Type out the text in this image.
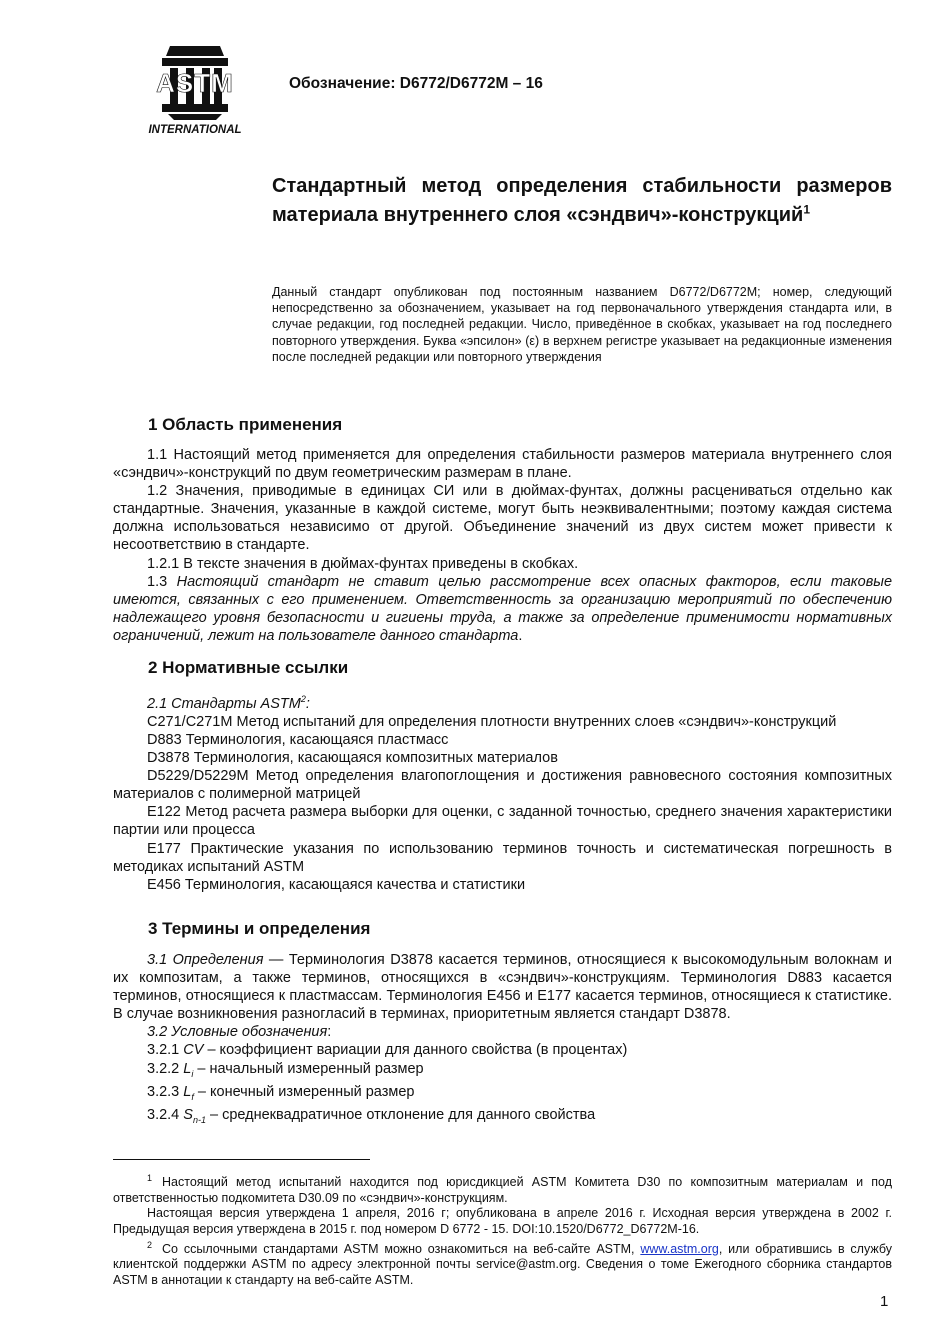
ASTM
INTERNATIONAL
Обозначение: D6772/D6772M – 16
Стандартный метод определения стабильности размеров материала внутреннего слоя «сэндвич»-конструкций$^1$
Данный стандарт опубликован под постоянным названием D6772/D6772M; номер, следующий непосредственно за обозначением, указывает на год первоначального утверждения стандарта или, в случае редакции, год последней редакции. Число, приведённое в скобках, указывает на год последнего повторного утверждения. Буква «эпсилон» (ε) в верхнем регистре указывает на редакционные изменения после последней редакции или повторного утверждения
1 Область применения

1.1 Настоящий метод применяется для определения стабильности размеров материала внутреннего слоя «сэндвич»-конструкций по двум геометрическим размерам в плане.

1.2 Значения, приводимые в единицах СИ или в дюймах-фунтах, должны расцениваться отдельно как стандартные. Значения, указанные в каждой системе, могут быть неэквивалентными; поэтому каждая система должна использоваться независимо от другой. Объединение значений из двух систем может привести к несоответствию в стандарте.

1.2.1 В тексте значения в дюймах-фунтах приведены в скобках.

1.3 Настоящий стандарт не ставит целью рассмотрение всех опасных факторов, если таковые имеются, связанных с его применением. Ответственность за организацию мероприятий по обеспечению надлежащего уровня безопасности и гигиены труда, а также за определение применимости нормативных ограничений, лежит на пользователе данного стандарта.

2 Нормативные ссылки

2.1 Стандарты ASTM$^2$:

C271/C271M Метод испытаний для определения плотности внутренних слоев «сэндвич»-конструкций

D883 Терминология, касающаяся пластмасс

D3878 Терминология, касающаяся композитных материалов

D5229/D5229M Метод определения влагопоглощения и достижения равновесного состояния композитных материалов с полимерной матрицей

E122 Метод расчета размера выборки для оценки, с заданной точностью, среднего значения характеристики партии или процесса

E177 Практические указания по использованию терминов точность и систематическая погрешность в методиках испытаний ASTM

E456 Терминология, касающаяся качества и статистики

3 Термины и определения

3.1 Определения — Терминология D3878 касается терминов, относящиеся к высокомодульным волокнам и их композитам, а также терминов, относящихся в «сэндвич»-конструкциям. Терминология D883 касается терминов, относящиеся к пластмассам. Терминология E456 и E177 касается терминов, относящиеся к статистике. В случае возникновения разногласий в терминах, приоритетным является стандарт D3878.

3.2 Условные обозначения:

3.2.1 CV – коэффициент вариации для данного свойства (в процентах)

3.2.2 $L_i$ – начальный измеренный размер

3.2.3 $L_f$ – конечный измеренный размер

3.2.4 $S_{n-1}$ – среднеквадратичное отклонение для данного свойства

$^1$ Настоящий метод испытаний находится под юрисдикцией ASTM Комитета D30 по композитным материалам и под ответственностью подкомитета D30.09 по «сэндвич»-конструкциям.

Настоящая версия утверждена 1 апреля, 2016 г; опубликована в апреле 2016 г. Исходная версия утверждена в 2002 г. Предыдущая версия утверждена в 2015 г. под номером D 6772 - 15. DOI:10.1520/D6772_D6772M-16.

$^2$ Со ссылочными стандартами ASTM можно ознакомиться на веб-сайте ASTM, www.astm.org, или обратившись в службу клиентской поддержки ASTM по адресу электронной почты service@astm.org. Сведения о томе Ежегодного сборника стандартов ASTM в аннотации к стандарту на веб-сайте ASTM.

1
